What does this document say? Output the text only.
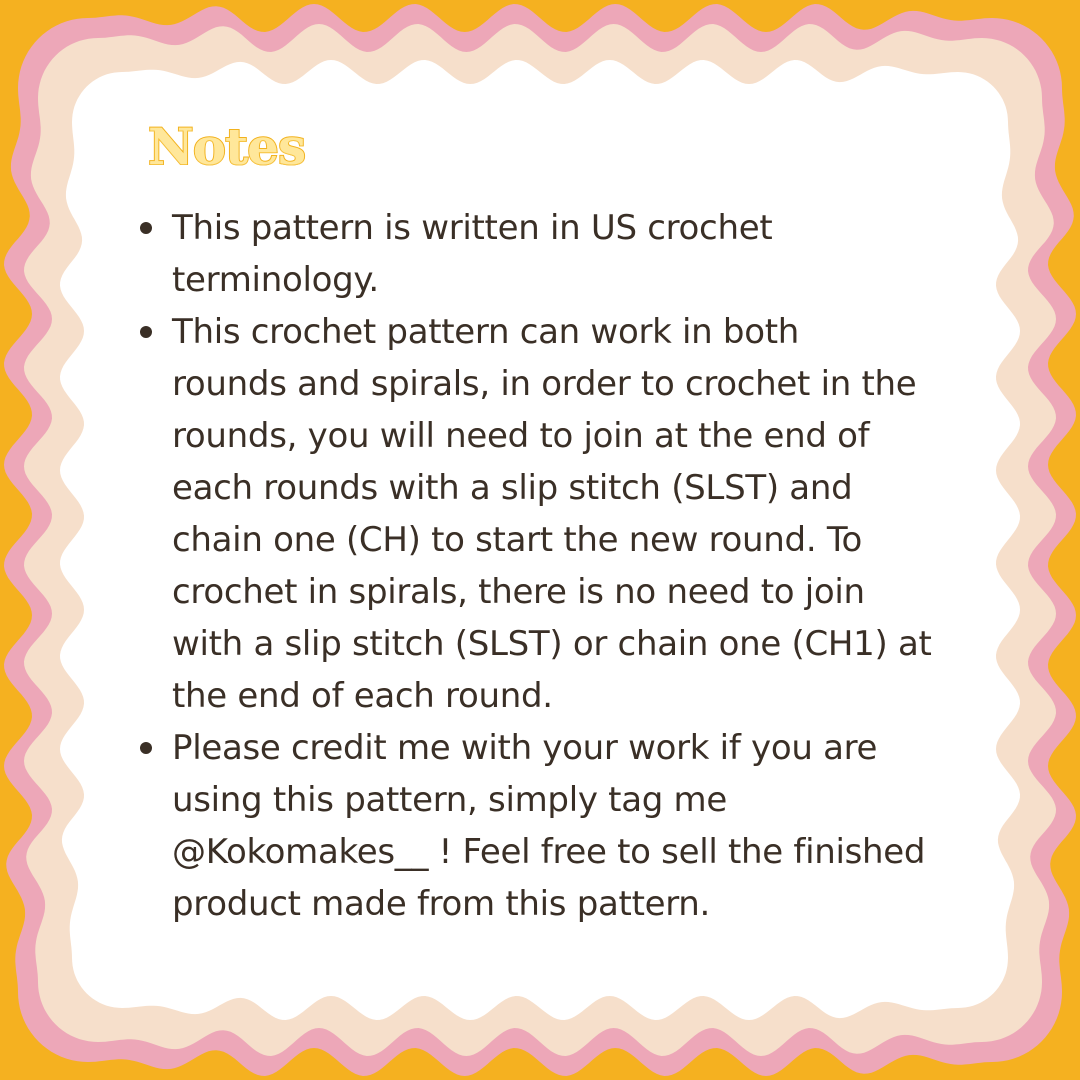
Notes
This pattern is written in US crochet
terminology.
This crochet pattern can work in both
rounds and spirals, in order to crochet in the
rounds, you will need to join at the end of
each rounds with a slip stitch (SLST) and
chain one (CH) to start the new round. To
crochet in spirals, there is no need to join
with a slip stitch (SLST) or chain one (CH1) at
the end of each round.
Please credit me with your work if you are
using this pattern, simply tag me
@Kokomakes__ ! Feel free to sell the finished
product made from this pattern.
